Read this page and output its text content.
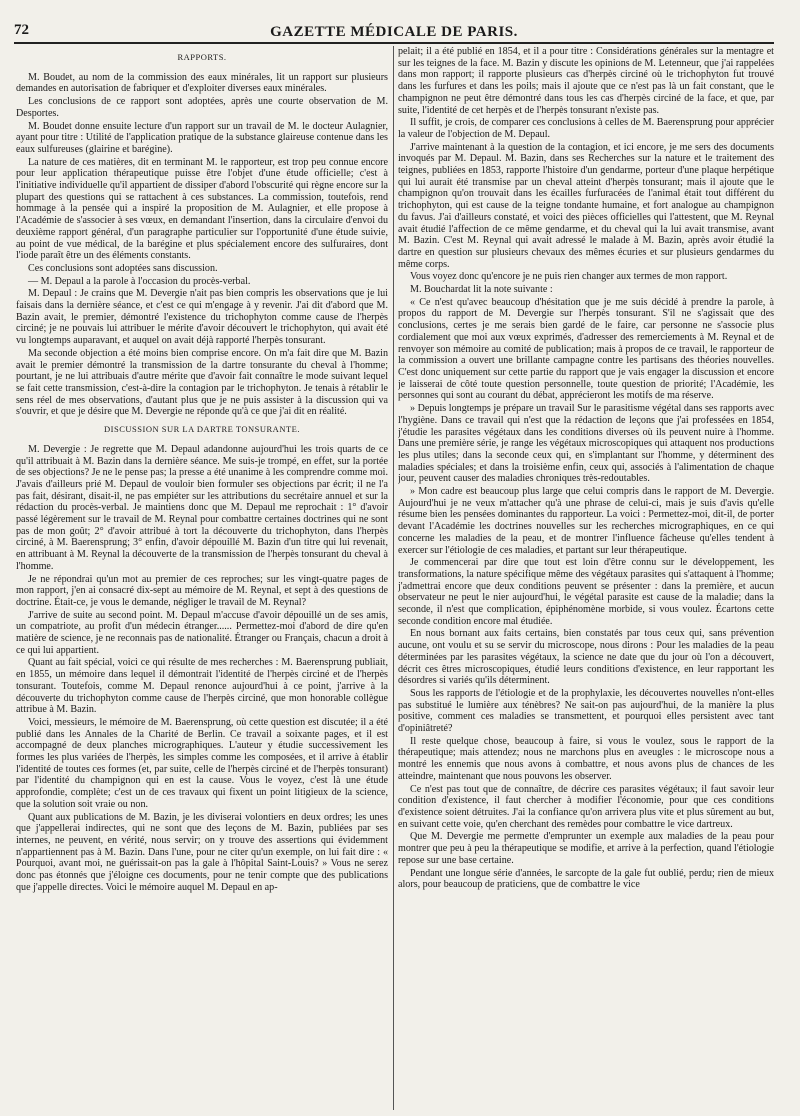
72	GAZETTE MÉDICALE DE PARIS.
RAPPORTS.

M. Boudet, au nom de la commission des eaux minérales, lit un rapport sur plusieurs demandes en autorisation de fabriquer et d'exploiter diverses eaux minérales.

Les conclusions de ce rapport sont adoptées, après une courte observation de M. Desportes.

M. Boudet donne ensuite lecture d'un rapport sur un travail de M. le docteur Aulagnier, ayant pour titre : Utilité de l'application pratique de la substance glaireuse contenue dans les eaux sulfureuses (glairine et barégine).

La nature de ces matières, dit en terminant M. le rapporteur, est trop peu connue encore pour leur application thérapeutique puisse être l'objet d'une étude officielle; c'est à l'initiative individuelle qu'il appartient de dissiper d'abord l'obscurité qui règne encore sur la plupart des questions qui se rattachent à ces substances. La commission, toutefois, rend hommage à la pensée qui a inspiré la proposition de M. Aulagnier, et elle propose à l'Académie de s'associer à ses vœux, en demandant l'insertion, dans la circulaire d'envoi du deuxième rapport général, d'un paragraphe particulier sur l'opportunité d'une étude suivie, au point de vue médical, de la barégine et plus spécialement encore des sulfuraires, dont l'iode paraît être un des éléments constants.

Ces conclusions sont adoptées sans discussion.

— M. Depaul a la parole à l'occasion du procès-verbal.

M. Depaul : Je crains que M. Devergie n'ait pas bien compris les observations que je lui faisais dans la dernière séance, et c'est ce qui m'engage à y revenir. J'ai dit d'abord que M. Bazin avait, le premier, démontré l'existence du trichophyton comme cause de l'herpès circiné; je ne pouvais lui attribuer le mérite d'avoir découvert le trichophyton, qui avait été vu longtemps auparavant, et auquel on avait déjà rapporté l'herpès tonsurant.

Ma seconde objection a été moins bien comprise encore. On m'a fait dire que M. Bazin avait le premier démontré la transmission de la dartre tonsurante du cheval à l'homme; pourtant, je ne lui attribuais d'autre mérite que d'avoir fait connaître le mode suivant lequel se fait cette transmission, c'est-à-dire la contagion par le trichophyton. Je tenais à rétablir le sens réel de mes observations, d'autant plus que je ne puis assister à la discussion qui va s'ouvrir, et que je désire que M. Devergie ne réponde qu'à ce que j'ai dit en réalité.

DISCUSSION SUR LA DARTRE TONSURANTE.

M. Devergie : Je regrette que M. Depaul adandonne aujourd'hui les trois quarts de ce qu'il attribuait à M. Bazin dans la dernière séance. Me suis-je trompé, en effet, sur la portée de ses objections? Je ne le pense pas; la presse a été unanime à les comprendre comme moi. J'avais d'ailleurs prié M. Depaul de vouloir bien formuler ses objections par écrit; il ne l'a pas fait, désirant, disait-il, ne pas empiéter sur les attributions du secrétaire annuel et sur la rédaction du procès-verbal. Je maintiens donc que M. Depaul me reprochait : 1° d'avoir passé légèrement sur le travail de M. Reynal pour combattre certaines doctrines qui ne sont pas de mon goût; 2° d'avoir attribué à tort la découverte du trichophyton, dans l'herpès circiné, à M. Baerensprung; 3° enfin, d'avoir dépouillé M. Bazin d'un titre qui lui revenait, en attribuant à M. Reynal la découverte de la transmission de l'herpès tonsurant du cheval à l'homme.

Je ne répondrai qu'un mot au premier de ces reproches; sur les vingt-quatre pages de mon rapport, j'en ai consacré dix-sept au mémoire de M. Reynal, et sept à des questions de doctrine. Était-ce, je vous le demande, négliger le travail de M. Reynal?

J'arrive de suite au second point. M. Depaul m'accuse d'avoir dépouillé un de ses amis, un compatriote, au profit d'un médecin étranger...... Permettez-moi d'abord de dire qu'en matière de science, je ne reconnais pas de nationalité. Étranger ou Français, chacun a droit à ce qui lui appartient.

Quant au fait spécial, voici ce qui résulte de mes recherches : M. Baerensprung publiait, en 1855, un mémoire dans lequel il démontrait l'identité de l'herpès circiné et de l'herpès tonsurant. Toutefois, comme M. Depaul renonce aujourd'hui à ce point, j'arrive à la découverte du trichophyton comme cause de l'herpès circiné, que mon honorable collègue attribue à M. Bazin.

Voici, messieurs, le mémoire de M. Baerensprung, où cette question est discutée; il a été publié dans les Annales de la Charité de Berlin. Ce travail a soixante pages, et il est accompagné de deux planches micrographiques. L'auteur y étudie successivement les formes les plus variées de l'herpès, les simples comme les composées, et il arrive à établir l'identité de toutes ces formes (et, par suite, celle de l'herpès circiné et de l'herpès tonsurant) par l'identité du champignon qui en est la cause. Vous le voyez, c'est là une étude approfondie, complète; c'est un de ces travaux qui fixent un point litigieux de la science, que la solution soit vraie ou non.

Quant aux publications de M. Bazin, je les diviserai volontiers en deux ordres; les unes que j'appellerai indirectes, qui ne sont que des leçons de M. Bazin, publiées par ses internes, ne peuvent, en vérité, nous servir; on y trouve des assertions qui évidemment n'appartiennent pas à M. Bazin. Dans l'une, pour ne citer qu'un exemple, on lui fait dire : « Pourquoi, avant moi, ne guérissait-on pas la gale à l'hôpital Saint-Louis? » Vous ne serez donc pas étonnés que j'éloigne ces documents, pour ne tenir compte que des publications que j'appelle directes. Voici le mémoire auquel M. Depaul en ap-

pelait; il a été publié en 1854, et il a pour titre : Considérations générales sur la mentagre et sur les teignes de la face. M. Bazin y discute les opinions de M. Letenneur, que j'ai rappelées dans mon rapport; il rapporte plusieurs cas d'herpès circiné où le trichophyton fut trouvé dans les furfures et dans les poils; mais il ajoute que ce n'est pas là un fait constant, que le champignon ne peut être démontré dans tous les cas d'herpès circiné de la face, et que, par suite, l'identité de cet herpès et de l'herpès tonsurant n'existe pas.

Il suffit, je crois, de comparer ces conclusions à celles de M. Baerensprung pour apprécier la valeur de l'objection de M. Depaul.

J'arrive maintenant à la question de la contagion, et ici encore, je me sers des documents invoqués par M. Depaul. M. Bazin, dans ses Recherches sur la nature et le traitement des teignes, publiées en 1853, rapporte l'histoire d'un gendarme, porteur d'une plaque herpétique qui lui aurait été transmise par un cheval atteint d'herpès tonsurant; mais il ajoute que le champignon qu'on trouvait dans les écailles furfuracées de l'animal était tout différent du trichophyton, qui est cause de la teigne tondante humaine, et fort analogue au champignon du favus. J'ai d'ailleurs constaté, et voici des pièces officielles qui l'attestent, que M. Reynal avait étudié l'affection de ce même gendarme, et du cheval qui la lui avait transmise, avant M. Bazin. C'est M. Reynal qui avait adressé le malade à M. Bazin, après avoir étudié la dartre en question sur plusieurs chevaux des mêmes écuries et sur plusieurs gendarmes du même corps.

Vous voyez donc qu'encore je ne puis rien changer aux termes de mon rapport.

M. Bouchardat lit la note suivante :

« Ce n'est qu'avec beaucoup d'hésitation que je me suis décidé à prendre la parole, à propos du rapport de M. Devergie sur l'herpès tonsurant. S'il ne s'agissait que des conclusions, certes je me serais bien gardé de le faire, car personne ne s'associe plus cordialement que moi aux vœux exprimés, d'adresser des remerciements à M. Reynal et de renvoyer son mémoire au comité de publication; mais à propos de ce travail, le rapporteur de la commission a ouvert une brillante campagne contre les partisans des théories nouvelles. C'est donc uniquement sur cette partie du rapport que je vais engager la discussion et encore je laisserai de côté toute question personnelle, toute question de priorité; l'Académie, les personnes qui sont au courant du débat, apprécieront les motifs de ma réserve.

» Depuis longtemps je prépare un travail Sur le parasitisme végétal dans ses rapports avec l'hygiène. Dans ce travail qui n'est que la rédaction de leçons que j'ai professées en 1854, j'étudie les parasites végétaux dans les conditions diverses où ils peuvent nuire à l'homme. Dans une première série, je range les végétaux microscopiques qui attaquent nos productions les plus utiles; dans la seconde ceux qui, en s'implantant sur l'homme, y déterminent des maladies spéciales; et dans la troisième enfin, ceux qui, associés à l'alimentation de chaque jour, peuvent causer des maladies chroniques très-redoutables.

» Mon cadre est beaucoup plus large que celui compris dans le rapport de M. Devergie. Aujourd'hui je ne veux m'attacher qu'à une phrase de celui-ci, mais je suis d'avis qu'elle résume bien les pensées dominantes du rapporteur. La voici : Permettez-moi, dit-il, de porter devant l'Académie les doctrines nouvelles sur les recherches micrographiques, en ce qui concerne les maladies de la peau, et de montrer l'influence fâcheuse qu'elles tendent à exercer sur l'étiologie de ces maladies, et partant sur leur thérapeutique.

Je commencerai par dire que tout est loin d'être connu sur le développement, les transformations, la nature spécifique même des végétaux parasites qui s'attaquent à l'homme; j'admettrai encore que deux conditions peuvent se présenter : dans la première, et aucun observateur ne peut le nier aujourd'hui, le végétal parasite est cause de la maladie; dans la seconde, il n'est que complication, épiphénomène morbide, si vous voulez. Écartons cette seconde condition encore mal étudiée.

En nous bornant aux faits certains, bien constatés par tous ceux qui, sans prévention aucune, ont voulu et su se servir du microscope, nous dirons : Pour les maladies de la peau déterminées par les parasites végétaux, la science ne date que du jour où l'on a découvert, décrit ces êtres microscopiques, étudié leurs conditions d'existence, en leur rapportant les désordres si variés qu'ils déterminent.

Sous les rapports de l'étiologie et de la prophylaxie, les découvertes nouvelles n'ont-elles pas substitué le lumière aux ténèbres? Ne sait-on pas aujourd'hui, de la manière la plus positive, comment ces maladies se transmettent, et pourquoi elles persistent avec tant d'opiniâtreté?

Il reste quelque chose, beaucoup à faire, si vous le voulez, sous le rapport de la thérapeutique; mais attendez; nous ne marchons plus en aveugles : le microscope nous a montré les ennemis que nous avons à combattre, et nous avons plus de chances de les atteindre, maintenant que nous pouvons les observer.

Ce n'est pas tout que de connaître, de décrire ces parasites végétaux; il faut savoir leur condition d'existence, il faut chercher à modifier l'économie, pour que ces conditions d'existence soient détruites. J'ai la confiance qu'on arrivera plus vite et plus sûrement au but, en suivant cette voie, qu'en cherchant des remèdes pour combattre le vice dartreux.

Que M. Devergie me permette d'emprunter un exemple aux maladies de la peau pour montrer que peu à peu la thérapeutique se modifie, et arrive à la perfection, quand l'étiologie repose sur une base certaine.

Pendant une longue série d'années, le sarcopte de la gale fut oublié, perdu; rien de mieux alors, pour beaucoup de praticiens, que de combattre le vice
